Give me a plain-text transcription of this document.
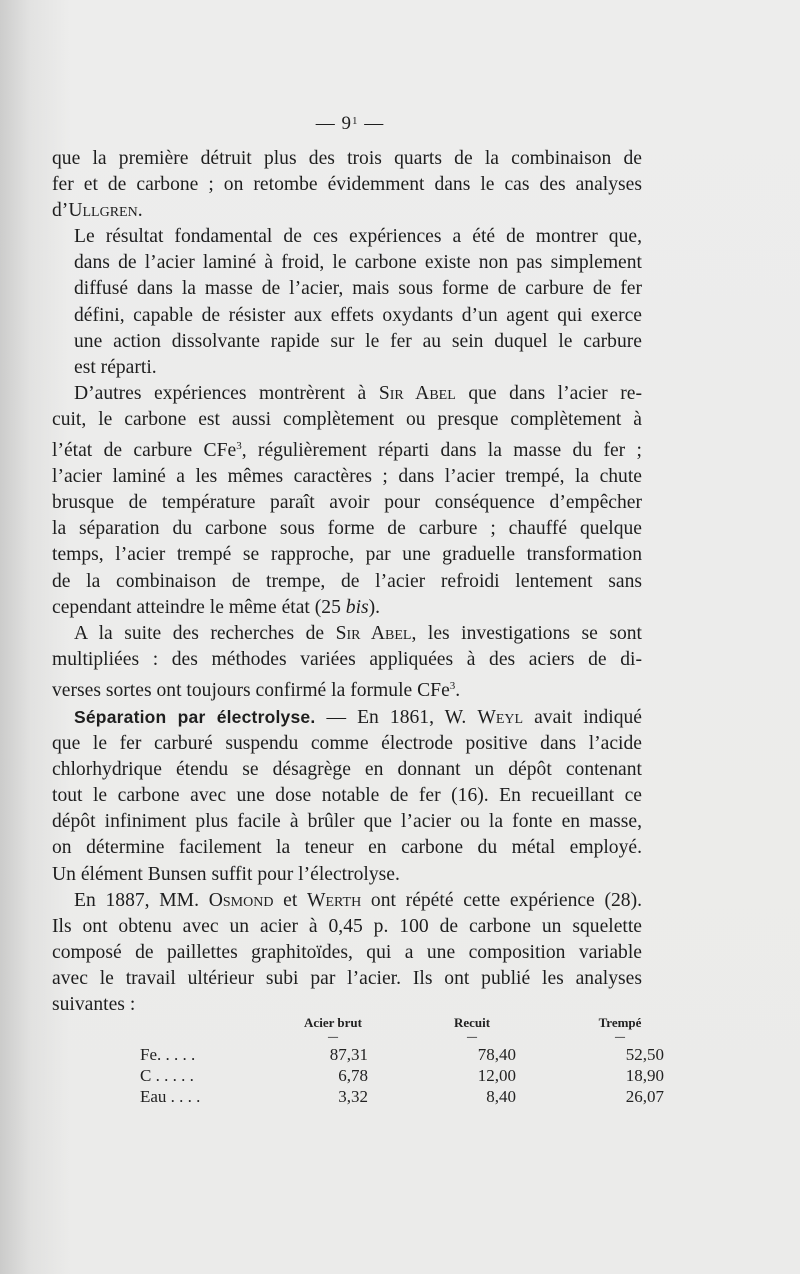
— $9^1$ —

que la première détruit plus des trois quarts de la combinaison de
fer et de carbone ; on retombe évidemment dans le cas des analyses
d’Ullgren.

Le résultat fondamental de ces expériences a été de montrer que,
dans de l’acier laminé à froid, le carbone existe non pas simplement
diffusé dans la masse de l’acier, mais sous forme de carbure de fer
défini, capable de résister aux effets oxydants d’un agent qui exerce
une action dissolvante rapide sur le fer au sein duquel le carbure
est réparti.

D’autres expériences montrèrent à Sir Abel que dans l’acier re-
cuit, le carbone est aussi complètement ou presque complètement à
l’état de carbure CFe$^3$, régulièrement réparti dans la masse du fer ;
l’acier laminé a les mêmes caractères ; dans l’acier trempé, la chute
brusque de température paraît avoir pour conséquence d’empêcher
la séparation du carbone sous forme de carbure ; chauffé quelque
temps, l’acier trempé se rapproche, par une graduelle transformation
de la combinaison de trempe, de l’acier refroidi lentement sans
cependant atteindre le même état (25 bis).

A la suite des recherches de Sir Abel, les investigations se sont
multipliées : des méthodes variées appliquées à des aciers de di-
verses sortes ont toujours confirmé la formule CFe$^3$.

Séparation par électrolyse. — En 1861, W. Weyl avait indiqué
que le fer carburé suspendu comme électrode positive dans l’acide
chlorhydrique étendu se désagrège en donnant un dépôt contenant
tout le carbone avec une dose notable de fer (16). En recueillant ce
dépôt infiniment plus facile à brûler que l’acier ou la fonte en masse,
on détermine facilement la teneur en carbone du métal employé.
Un élément Bunsen suffit pour l’électrolyse.

En 1887, MM. Osmond et Werth ont répété cette expérience (28).
Ils ont obtenu avec un acier à 0,45 p. 100 de carbone un squelette
composé de paillettes graphitoïdes, qui a une composition variable
avec le travail ultérieur subi par l’acier. Ils ont publié les analyses
suivantes :

	Acier brut	Recuit	Trempé
	—	—	—
Fe. . . . .	87,31	78,40	52,50
C . . . . .	6,78	12,00	18,90
Eau . . . .	3,32	8,40	26,07
